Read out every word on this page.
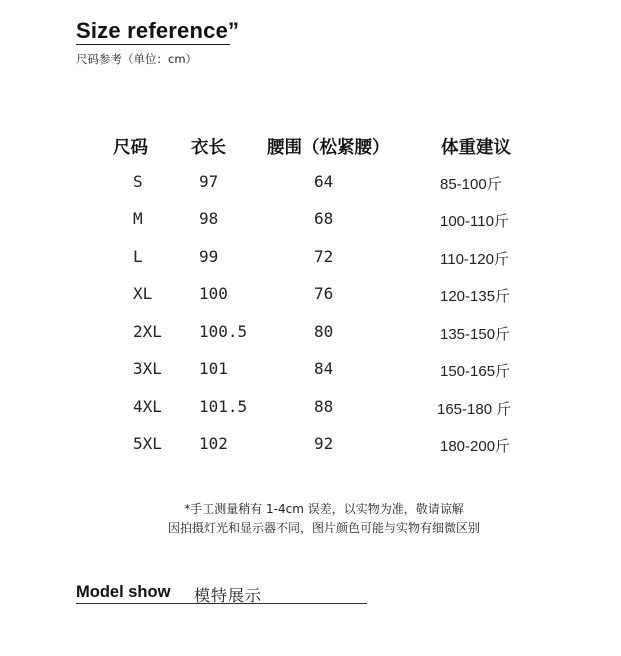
Size reference”
尺码参考（单位：cm）
尺码 衣长 腰围（松紧腰）	体重建议
S	97	64	85-100斤
M	98	68	100-110斤
L	99	72	110-120斤
XL	100	76	120-135斤
2XL 100.5	80	135-150斤
3XL 101	84	150-165斤
4XL 101.5	88	165-180 斤
5XL 102	92	180-200斤
*手工测量稍有 1-4cm 误差，以实物为准，敬请谅解
因拍摄灯光和显示器不同，图片颜色可能与实物有细微区别
Model show 模特展示
